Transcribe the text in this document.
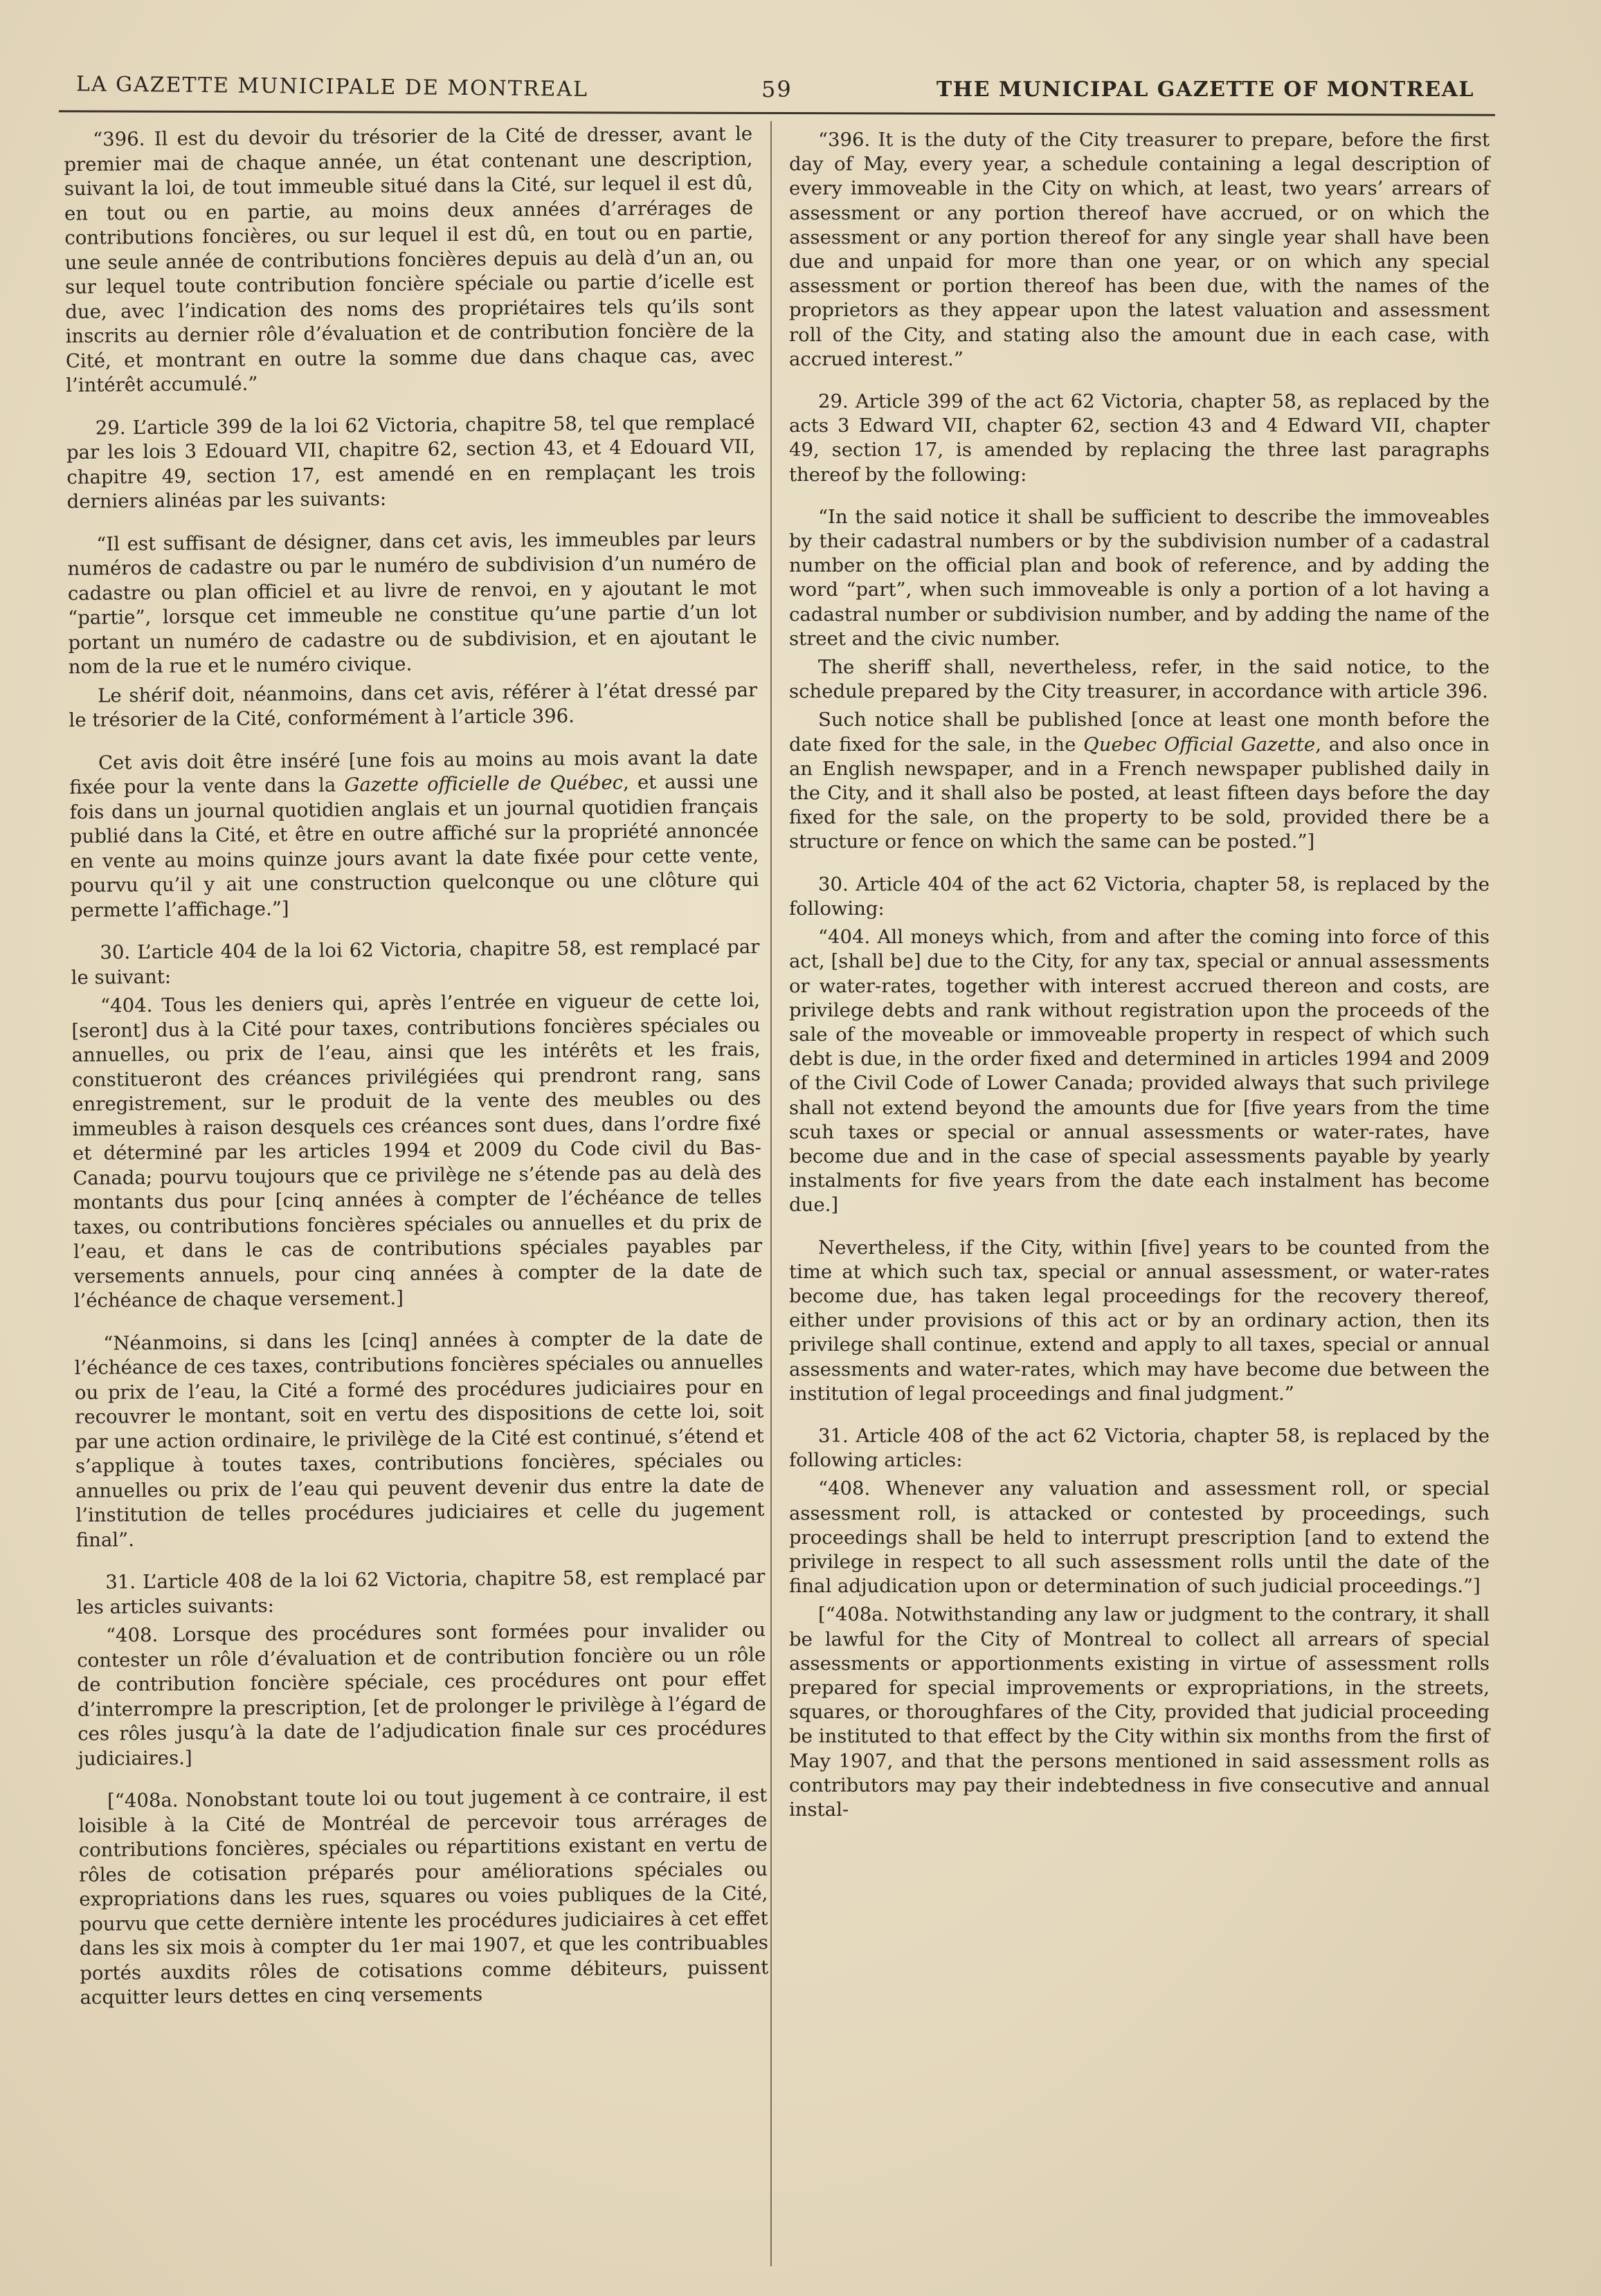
LA GAZETTE MUNICIPALE DE MONTREAL	59	THE MUNICIPAL GAZETTE OF MONTREAL

“396. Il est du devoir du trésorier de la Cité de dresser, avant le premier mai de chaque année, un état contenant une description, suivant la loi, de tout immeuble situé dans la Cité, sur lequel il est dû, en tout ou en partie, au moins deux années d’arrérages de contributions foncières, ou sur lequel il est dû, en tout ou en partie, une seule année de contributions foncières depuis au delà d’un an, ou sur lequel toute contribution foncière spéciale ou partie d’icelle est due, avec l’indication des noms des propriétaires tels qu’ils sont inscrits au dernier rôle d’évaluation et de contribution foncière de la Cité, et montrant en outre la somme due dans chaque cas, avec l’intérêt accumulé.”

29. L’article 399 de la loi 62 Victoria, chapitre 58, tel que remplacé par les lois 3 Edouard VII, chapitre 62, section 43, et 4 Edouard VII, chapitre 49, section 17, est amendé en en remplaçant les trois derniers alinéas par les suivants:

“Il est suffisant de désigner, dans cet avis, les immeubles par leurs numéros de cadastre ou par le numéro de subdivision d’un numéro de cadastre ou plan officiel et au livre de renvoi, en y ajoutant le mot “partie”, lorsque cet immeuble ne constitue qu’une partie d’un lot portant un numéro de cadastre ou de subdivision, et en ajoutant le nom de la rue et le numéro civique.

Le shérif doit, néanmoins, dans cet avis, référer à l’état dressé par le trésorier de la Cité, conformément à l’article 396.

Cet avis doit être inséré [une fois au moins au mois avant la date fixée pour la vente dans la Gazette officielle de Québec, et aussi une fois dans un journal quotidien anglais et un journal quotidien français publié dans la Cité, et être en outre affiché sur la propriété annoncée en vente au moins quinze jours avant la date fixée pour cette vente, pourvu qu’il y ait une construction quelconque ou une clôture qui permette l’affichage.”]

30. L’article 404 de la loi 62 Victoria, chapitre 58, est remplacé par le suivant:

“404. Tous les deniers qui, après l’entrée en vigueur de cette loi, [seront] dus à la Cité pour taxes, contributions foncières spéciales ou annuelles, ou prix de l’eau, ainsi que les intérêts et les frais, constitueront des créances privilégiées qui prendront rang, sans enregistrement, sur le produit de la vente des meubles ou des immeubles à raison desquels ces créances sont dues, dans l’ordre fixé et déterminé par les articles 1994 et 2009 du Code civil du Bas-Canada; pourvu toujours que ce privilège ne s’étende pas au delà des montants dus pour [cinq années à compter de l’échéance de telles taxes, ou contributions foncières spéciales ou annuelles et du prix de l’eau, et dans le cas de contributions spéciales payables par versements annuels, pour cinq années à compter de la date de l’échéance de chaque versement.]

“Néanmoins, si dans les [cinq] années à compter de la date de l’échéance de ces taxes, contributions foncières spéciales ou annuelles ou prix de l’eau, la Cité a formé des procédures judiciaires pour en recouvrer le montant, soit en vertu des dispositions de cette loi, soit par une action ordinaire, le privilège de la Cité est continué, s’étend et s’applique à toutes taxes, contributions foncières, spéciales ou annuelles ou prix de l’eau qui peuvent devenir dus entre la date de l’institution de telles procédures judiciaires et celle du jugement final”.

31. L’article 408 de la loi 62 Victoria, chapitre 58, est remplacé par les articles suivants:

“408. Lorsque des procédures sont formées pour invalider ou contester un rôle d’évaluation et de contribution foncière ou un rôle de contribution foncière spéciale, ces procédures ont pour effet d’interrompre la prescription, [et de prolonger le privilège à l’égard de ces rôles jusqu’à la date de l’adjudication finale sur ces procédures judiciaires.]

[“408a. Nonobstant toute loi ou tout jugement à ce contraire, il est loisible à la Cité de Montréal de percevoir tous arrérages de contributions foncières, spéciales ou répartitions existant en vertu de rôles de cotisation préparés pour améliorations spéciales ou expropriations dans les rues, squares ou voies publiques de la Cité, pourvu que cette dernière intente les procédures judiciaires à cet effet dans les six mois à compter du 1er mai 1907, et que les contribuables portés auxdits rôles de cotisations comme débiteurs, puissent acquitter leurs dettes en cinq versements

“396. It is the duty of the City treasurer to prepare, before the first day of May, every year, a schedule containing a legal description of every immoveable in the City on which, at least, two years’ arrears of assessment or any portion thereof have accrued, or on which the assessment or any portion thereof for any single year shall have been due and unpaid for more than one year, or on which any special assessment or portion thereof has been due, with the names of the proprietors as they appear upon the latest valuation and assessment roll of the City, and stating also the amount due in each case, with accrued interest.”

29. Article 399 of the act 62 Victoria, chapter 58, as replaced by the acts 3 Edward VII, chapter 62, section 43 and 4 Edward VII, chapter 49, section 17, is amended by replacing the three last paragraphs thereof by the following:

“In the said notice it shall be sufficient to describe the immoveables by their cadastral numbers or by the subdivision number of a cadastral number on the official plan and book of reference, and by adding the word “part”, when such immoveable is only a portion of a lot having a cadastral number or subdivision number, and by adding the name of the street and the civic number.

The sheriff shall, nevertheless, refer, in the said notice, to the schedule prepared by the City treasurer, in accordance with article 396.

Such notice shall be published [once at least one month before the date fixed for the sale, in the Quebec Official Gazette, and also once in an English newspaper, and in a French newspaper published daily in the City, and it shall also be posted, at least fifteen days before the day fixed for the sale, on the property to be sold, provided there be a structure or fence on which the same can be posted.”]

30. Article 404 of the act 62 Victoria, chapter 58, is replaced by the following:

“404. All moneys which, from and after the coming into force of this act, [shall be] due to the City, for any tax, special or annual assessments or water-rates, together with interest accrued thereon and costs, are privilege debts and rank without registration upon the proceeds of the sale of the moveable or immoveable property in respect of which such debt is due, in the order fixed and determined in articles 1994 and 2009 of the Civil Code of Lower Canada; provided always that such privilege shall not extend beyond the amounts due for [five years from the time scuh taxes or special or annual assessments or water-rates, have become due and in the case of special assessments payable by yearly instalments for five years from the date each instalment has become due.]

Nevertheless, if the City, within [five] years to be counted from the time at which such tax, special or annual assessment, or water-rates become due, has taken legal proceedings for the recovery thereof, either under provisions of this act or by an ordinary action, then its privilege shall continue, extend and apply to all taxes, special or annual assessments and water-rates, which may have become due between the institution of legal proceedings and final judgment.”

31. Article 408 of the act 62 Victoria, chapter 58, is replaced by the following articles:

“408. Whenever any valuation and assessment roll, or special assessment roll, is attacked or contested by proceedings, such proceedings shall be held to interrupt prescription [and to extend the privilege in respect to all such assessment rolls until the date of the final adjudication upon or determination of such judicial proceedings.”]

[“408a. Notwithstanding any law or judgment to the contrary, it shall be lawful for the City of Montreal to collect all arrears of special assessments or apportionments existing in virtue of assessment rolls prepared for special improvements or expropriations, in the streets, squares, or thoroughfares of the City, provided that judicial proceeding be instituted to that effect by the City within six months from the first of May 1907, and that the persons mentioned in said assessment rolls as contributors may pay their indebtedness in five consecutive and annual instal-
